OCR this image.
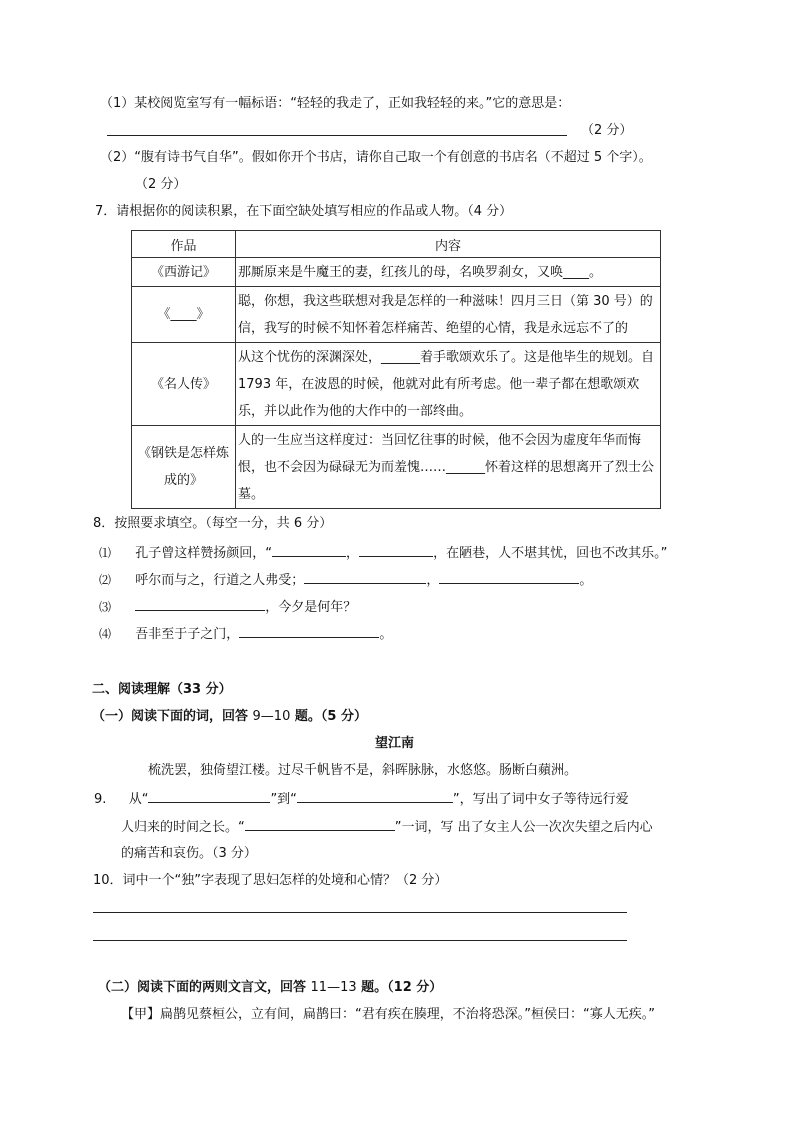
（1）某校阅览室写有一幅标语：“轻轻的我走了，正如我轻轻的来。”它的意思是：
（2 分）
（2）“腹有诗书气自华”。假如你开个书店，请你自己取一个有创意的书店名（不超过 5 个字）。
（2 分）
7．请根据你的阅读积累，在下面空缺处填写相应的作品或人物。（4 分）
作品	内容
《西游记》	那厮原来是牛魔王的妻，红孩儿的母，名唤罗刹女，又唤____。
《____》	聪，你想，我这些联想对我是怎样的一种滋味！四月三日（第 30 号）的信，我写的时候不知怀着怎样痛苦、绝望的心情，我是永远忘不了的
《名人传》	从这个忧伤的深渊深处，______着手歌颂欢乐了。这是他毕生的规划。自 1793 年，在波恩的时候，他就对此有所考虑。他一辈子都在想歌颂欢乐，并以此作为他的大作中的一部终曲。
《钢铁是怎样炼成的》	人的一生应当这样度过：当回忆往事的时候，他不会因为虚度年华而悔恨，也不会因为碌碌无为而羞愧……______怀着这样的思想离开了烈士公墓。
8．按照要求填空。（每空一分，共 6 分）
⑴ 孔子曾这样赞扬颜回，“	，	，在陋巷，人不堪其忧，回也不改其乐。”
⑵ 呼尔而与之，行道之人弗受；	，	。
⑶	，今夕是何年？
⑷ 吾非至于子之门，	。
二、阅读理解（33 分）
（一）阅读下面的词，回答 9—10 题。（5 分）
望江南
梳洗罢，独倚望江楼。过尽千帆皆不是，斜晖脉脉，水悠悠。肠断白蘋洲。
9. 从“	”到“	”，写出了词中女子等待远行爱
人归来的时间之长。“	”一词，写 出了女主人公一次次失望之后内心
的痛苦和哀伤。（3 分）
10．词中一个“独”字表现了思妇怎样的处境和心情？（2 分）
（二）阅读下面的两则文言文，回答 11—13 题。（12 分）
【甲】扁鹊见蔡桓公，立有间，扁鹊曰：“君有疾在腠理，不治将恐深。”桓侯曰：“寡人无疾。”
